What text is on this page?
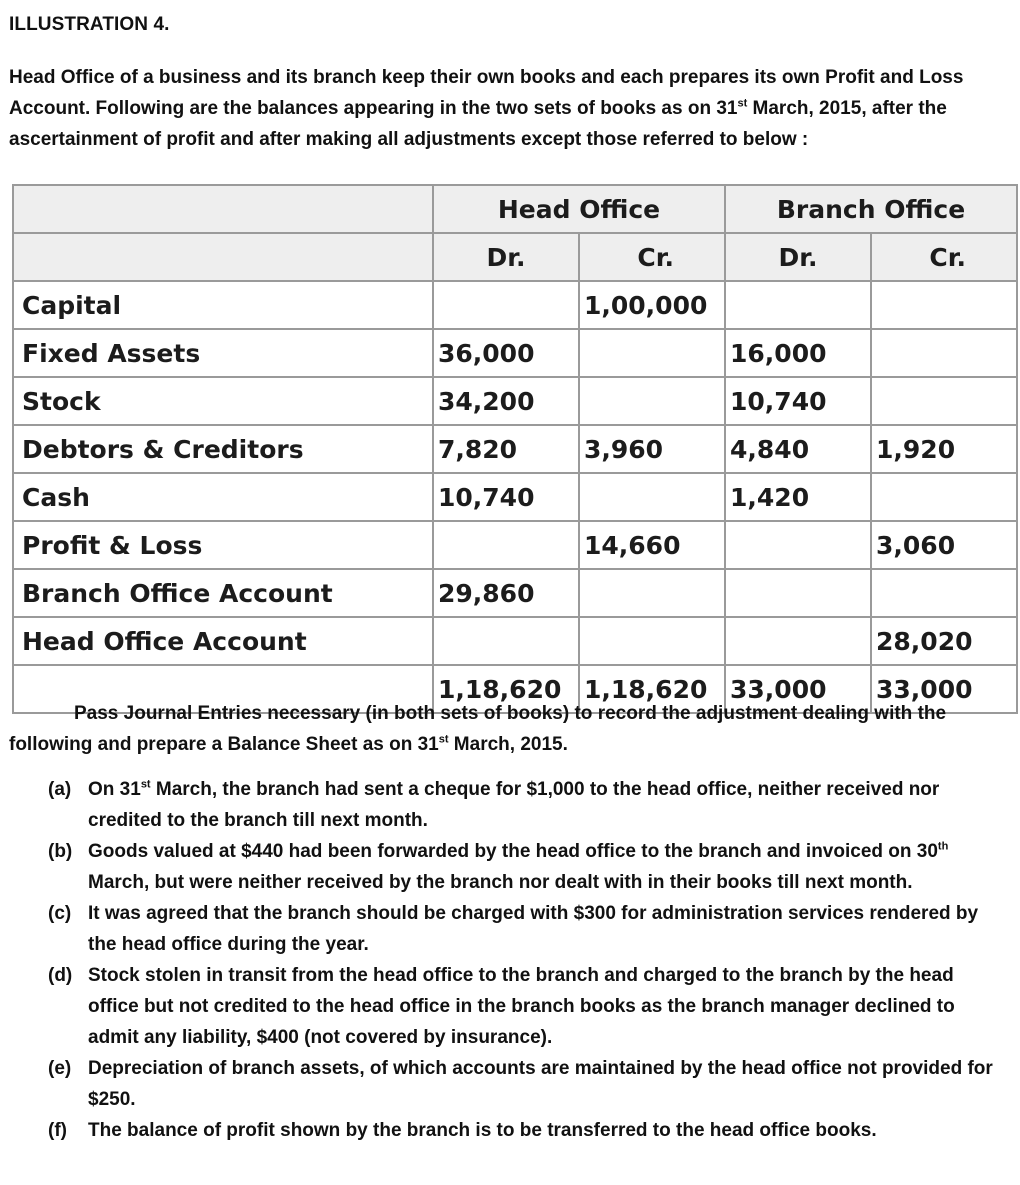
ILLUSTRATION 4.

Head Office of a business and its branch keep their own books and each prepares its own Profit and Loss Account. Following are the balances appearing in the two sets of books as on 31st March, 2015, after the ascertainment of profit and after making all adjustments except those referred to below :

	Head Office		Branch Office	
	Dr.	Cr.	Dr.	Cr.
Capital		1,00,000		
Fixed Assets	36,000		16,000	
Stock	34,200		10,740	
Debtors & Creditors	7,820	3,960	4,840	1,920
Cash	10,740		1,420	
Profit & Loss		14,660		3,060
Branch Office Account	29,860			
Head Office Account				28,020
	1,18,620	1,18,620	33,000	33,000

Pass Journal Entries necessary (in both sets of books) to record the adjustment dealing with the following and prepare a Balance Sheet as on 31st March, 2015.

(a) On 31st March, the branch had sent a cheque for $1,000 to the head office, neither received nor credited to the branch till next month.
(b) Goods valued at $440 had been forwarded by the head office to the branch and invoiced on 30th March, but were neither received by the branch nor dealt with in their books till next month.
(c) It was agreed that the branch should be charged with $300 for administration services rendered by the head office during the year.
(d) Stock stolen in transit from the head office to the branch and charged to the branch by the head office but not credited to the head office in the branch books as the branch manager declined to admit any liability, $400 (not covered by insurance).
(e) Depreciation of branch assets, of which accounts are maintained by the head office not provided for $250.
(f) The balance of profit shown by the branch is to be transferred to the head office books.
